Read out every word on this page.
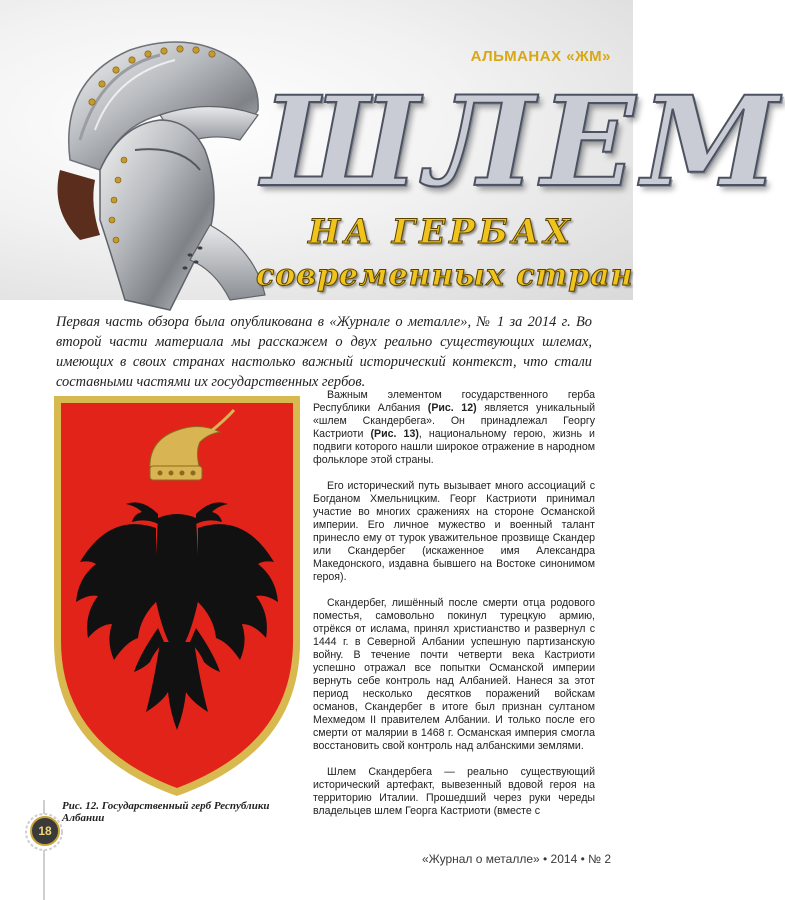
АЛЬМАНАХ «ЖМ»
ШЛЕМ
НА ГЕРБАХ
современных стран

Первая часть обзора была опубликована в «Журнале о металле», № 1 за 2014 г. Во второй части материала мы расскажем о двух реально существующих шлемах, имеющих в своих странах настолько важный исторический контекст, что стали составными частями их государственных гербов.

Рис. 12. Государственный герб Республики Албании

Важным элементом государственного герба Республики Албания (Рис. 12) является уникальный «шлем Скандербега». Он принадлежал Георгу Кастриоти (Рис. 13), национальному герою, жизнь и подвиги которого нашли широкое отражение в народном фольклоре этой страны.

Его исторический путь вызывает много ассоциаций с Богданом Хмельницким. Георг Кастриоти принимал участие во многих сражениях на стороне Османской империи. Его личное мужество и военный талант принесло ему от турок уважительное прозвище Скандер или Скандербег (искаженное имя Александра Македонского, издавна бывшего на Востоке синонимом героя).

Скандербег, лишённый после смерти отца родового поместья, самовольно покинул турецкую армию, отрёкся от ислама, принял христианство и развернул с 1444 г. в Северной Албании успешную партизанскую войну. В течение почти четверти века Кастриоти успешно отражал все попытки Османской империи вернуть себе контроль над Албанией. Нанеся за этот период несколько десятков поражений войскам османов, Скандербег в итоге был признан султаном Мехмедом II правителем Албании. И только после его смерти от малярии в 1468 г. Османская империя смогла восстановить свой контроль над албанскими землями.

Шлем Скандербега — реально существующий исторический артефакт, вывезенный вдовой героя на территорию Италии. Прошедший через руки череды владельцев шлем Георга Кастриоти (вместе с

18
«Журнал о металле» • 2014 • № 2
